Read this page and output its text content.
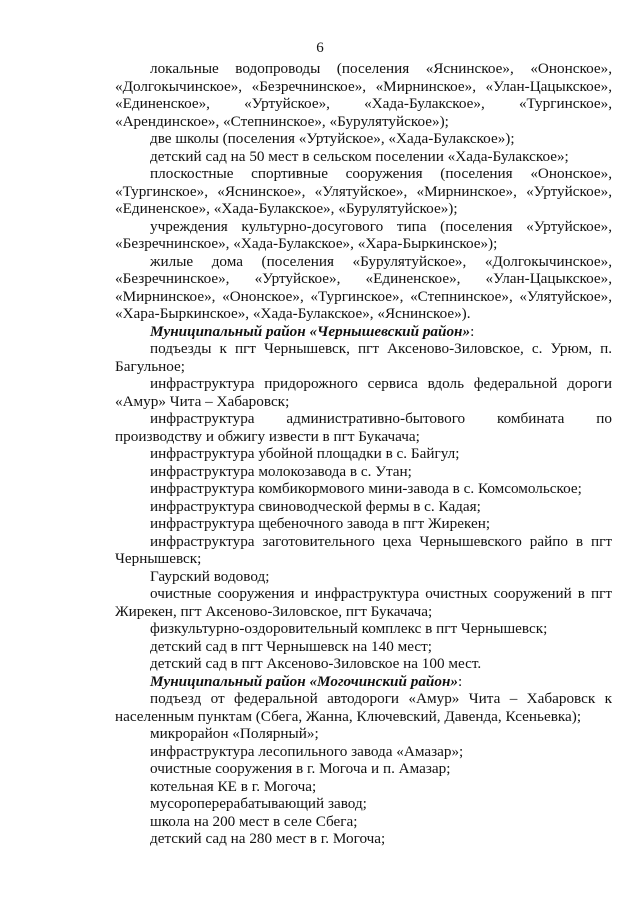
6

локальные водопроводы (поселения «Яснинское», «Ононское», «Долгокычинское», «Безречнинское», «Мирнинское», «Улан-Цацыкское», «Единенское», «Уртуйское», «Хада-Булакское», «Тургинское», «Арендинское», «Степнинское», «Бурулятуйское»);

две школы (поселения «Уртуйское», «Хада-Булакское»);

детский сад на 50 мест в сельском поселении «Хада-Булакское»;

плоскостные спортивные сооружения (поселения «Ононское», «Тургинское», «Яснинское», «Улятуйское», «Мирнинское», «Уртуйское», «Единенское», «Хада-Булакское», «Бурулятуйское»);

учреждения культурно-досугового типа (поселения «Уртуйское», «Безречнинское», «Хада-Булакское», «Хара-Быркинское»);

жилые дома (поселения «Бурулятуйское», «Долгокычинское», «Безречнинское», «Уртуйское», «Единенское», «Улан-Цацыкское», «Мирнинское», «Ононское», «Тургинское», «Степнинское», «Улятуйское», «Хара-Быркинское», «Хада-Булакское», «Яснинское»).

Муниципальный район «Чернышевский район»:

подъезды к пгт Чернышевск, пгт Аксеново-Зиловское, с. Урюм, п. Багульное;

инфраструктура придорожного сервиса вдоль федеральной дороги «Амур» Чита – Хабаровск;

инфраструктура административно-бытового комбината по производству и обжигу извести в пгт Букачача;

инфраструктура убойной площадки в с. Байгул;

инфраструктура молокозавода в с. Утан;

инфраструктура комбикормового мини-завода в с. Комсомольское;

инфраструктура свиноводческой фермы в с. Кадая;

инфраструктура щебеночного завода в пгт Жирекен;

инфраструктура заготовительного цеха Чернышевского райпо в пгт Чернышевск;

Гаурский водовод;

очистные сооружения и инфраструктура очистных сооружений в пгт Жирекен, пгт Аксеново-Зиловское, пгт Букачача;

физкультурно-оздоровительный комплекс в пгт Чернышевск;

детский сад в пгт Чернышевск на 140 мест;

детский сад в пгт Аксеново-Зиловское на 100 мест.

Муниципальный район «Могочинский район»:

подъезд от федеральной автодороги «Амур» Чита – Хабаровск к населенным пунктам (Сбега, Жанна, Ключевский, Давенда, Ксеньевка);

микрорайон «Полярный»;

инфраструктура лесопильного завода «Амазар»;

очистные сооружения в г. Могоча и п. Амазар;

котельная КЕ в г. Могоча;

мусороперерабатывающий завод;

школа на 200 мест в селе Сбега;

детский сад на 280 мест в г. Могоча;
